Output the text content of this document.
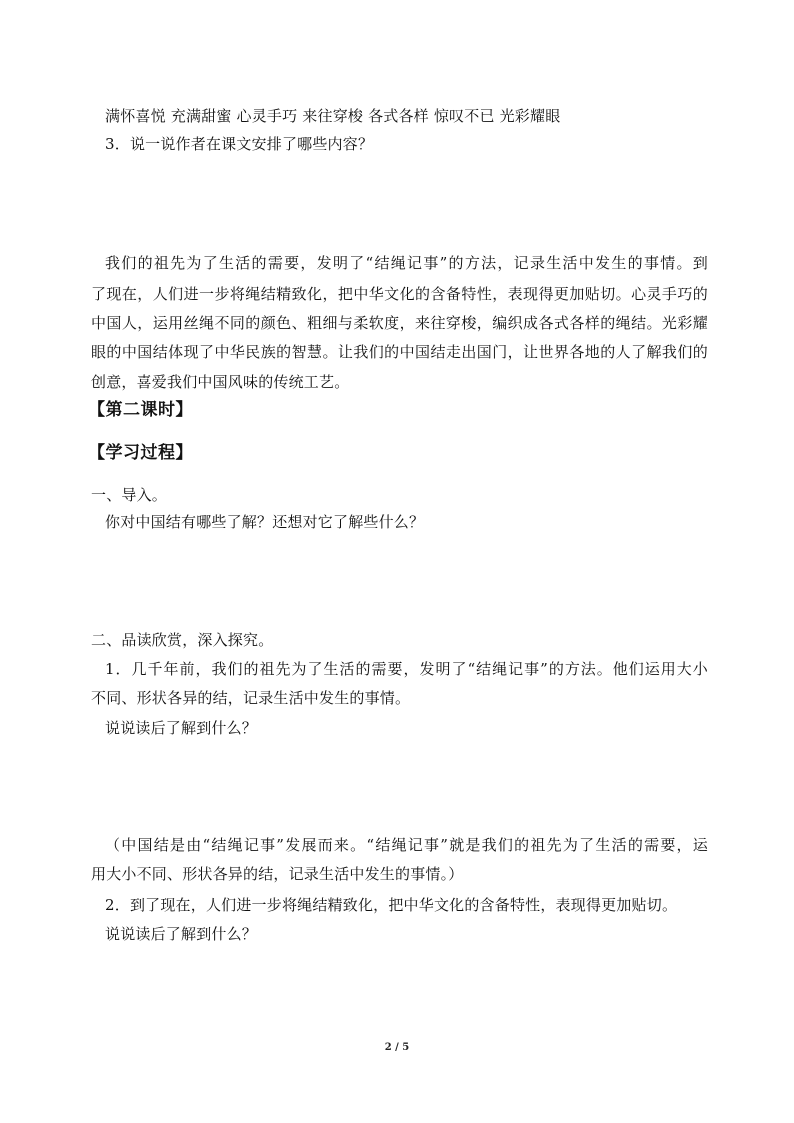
满怀喜悦 充满甜蜜 心灵手巧 来往穿梭 各式各样 惊叹不已 光彩耀眼
3．说一说作者在课文安排了哪些内容？
我们的祖先为了生活的需要，发明了“结绳记事”的方法，记录生活中发生的事情。到
了现在，人们进一步将绳结精致化，把中华文化的含备特性，表现得更加贴切。心灵手巧的
中国人，运用丝绳不同的颜色、粗细与柔软度，来往穿梭，编织成各式各样的绳结。光彩耀
眼的中国结体现了中华民族的智慧。让我们的中国结走出国门，让世界各地的人了解我们的
创意，喜爱我们中国风味的传统工艺。
【第二课时】
【学习过程】
一、导入。
你对中国结有哪些了解？还想对它了解些什么？
二、品读欣赏，深入探究。
1．几千年前，我们的祖先为了生活的需要，发明了“结绳记事”的方法。他们运用大小
不同、形状各异的结，记录生活中发生的事情。
说说读后了解到什么？
（中国结是由“结绳记事”发展而来。“结绳记事”就是我们的祖先为了生活的需要，运
用大小不同、形状各异的结，记录生活中发生的事情。）
2．到了现在，人们进一步将绳结精致化，把中华文化的含备特性，表现得更加贴切。
说说读后了解到什么？
2 / 5
